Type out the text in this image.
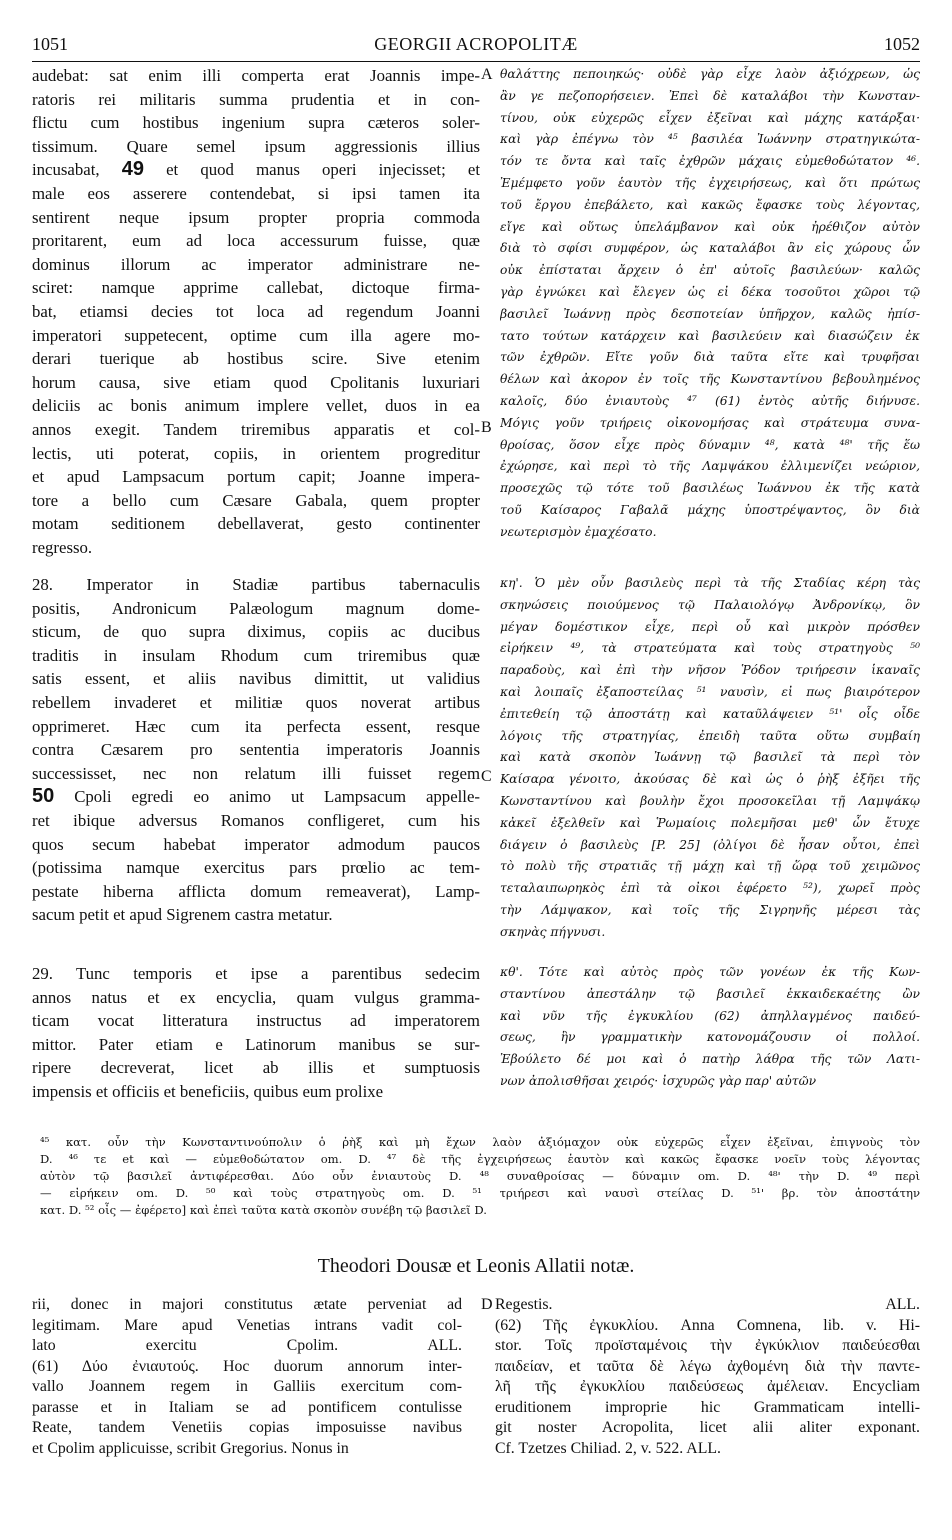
1051	GEORGII ACROPOLITÆ	1052
audebat: sat enim illi comperta erat Joannis impe-
ratoris rei militaris summa prudentia et in con-
flictu cum hostibus ingenium supra cæteros soler-
tissimum. Quare semel ipsum aggressionis illius
incusabat, 49 et quod manus operi injecisset; et
male eos asserere contendebat, si ipsi tamen ita
sentirent neque ipsum propter propria commoda
proritarent, eum ad loca accessurum fuisse, quæ
dominus illorum ac imperator administrare ne-
sciret: namque apprime callebat, dictoque firma-
bat, etiamsi decies tot loca ad regendum Joanni
imperatori suppetecent, optime cum illa agere mo-
derari tuerique ab hostibus scire. Sive etenim
horum causa, sive etiam quod Cpolitanis luxuriari
deliciis ac bonis animum implere vellet, duos in ea
annos exegit. Tandem triremibus apparatis et col-
lectis, uti poterat, copiis, in orientem progreditur
et apud Lampsacum portum capit; Joanne impera-
tore a bello cum Cæsare Gabala, quem propter
motam seditionem debellaverat, gesto continenter
regresso.
28. Imperator in Stadiæ partibus tabernaculis
positis, Andronicum Palæologum magnum dome-
sticum, de quo supra diximus, copiis ac ducibus
traditis in insulam Rhodum cum triremibus quæ
satis essent, et aliis navibus dimittit, ut validius
rebellem invaderet et militiæ quos noverat artibus
opprimeret. Hæc cum ita perfecta essent, resque
contra Cæsarem pro sententia imperatoris Joannis
successisset, nec non relatum illi fuisset regem
50 Cpoli egredi eo animo ut Lampsacum appelle-
ret ibique adversus Romanos confligeret, cum his
quos secum habebat imperator admodum paucos
(potissima namque exercitus pars prœlio ac tem-
pestate hiberna afflicta domum remeaverat), Lamp-
sacum petit et apud Sigrenem castra metatur.
29. Tunc temporis et ipse a parentibus sedecim
annos natus et ex encyclia, quam vulgus gramma-
ticam vocat litteratura instructus ad imperatorem
mittor. Pater etiam e Latinorum manibus se sur-
ripere decreverat, licet ab illis et sumptuosis
impensis et officiis et beneficiis, quibus eum prolixe
θαλάττης πεποιηκώς· οὐδὲ γὰρ εἶχε λαὸν ἀξιόχρεων, ὡς
ἂν γε πεζοπορήσειεν. Ἐπεὶ δὲ καταλάβοι τὴν Κωνσταν-
τίνου, οὐκ εὐχερῶς εἶχεν ἐξεῖναι καὶ μάχης κατάρξαι·
καὶ γὰρ ἐπέγνω τὸν ⁴⁵ βασιλέα Ἰωάννην στρατηγικώτα-
τόν τε ὄντα καὶ ταῖς ἐχθρῶν μάχαις εὐμεθοδώτατον ⁴⁶.
Ἐμέμφετο γοῦν ἑαυτὸν τῆς ἐγχειρήσεως, καὶ ὅτι πρώτως
τοῦ ἔργου ἐπεβάλετο, καὶ κακῶς ἔφασκε τοὺς λέγοντας,
εἴγε καὶ οὕτως ὑπελάμβανον καὶ οὐκ ἠρέθιζον αὐτὸν
διὰ τὸ σφίσι συμφέρον, ὡς καταλάβοι ἂν εἰς χώρους ὧν
οὐκ ἐπίσταται ἄρχειν ὁ ἐπ' αὐτοῖς βασιλεύων· καλῶς
γὰρ ἐγνώκει καὶ ἔλεγεν ὡς εἰ δέκα τοσοῦτοι χῶροι τῷ
βασιλεῖ Ἰωάννῃ πρὸς δεσποτείαν ὑπῆρχον, καλῶς ἠπίσ-
τατο τούτων κατάρχειν καὶ βασιλεύειν καὶ διασώζειν ἐκ
τῶν ἐχθρῶν. Εἴτε γοῦν διὰ ταῦτα εἴτε καὶ τρυφῆσαι
θέλων καὶ ἀκορον ἐν τοῖς τῆς Κωνσταντίνου βεβουλημένος
καλοῖς, δύο ἐνιαυτοὺς ⁴⁷ (61) ἐντὸς αὐτῆς διήνυσε.
Μόγις γοῦν τριήρεις οἰκονομήσας καὶ στράτευμα συνα-
θροίσας, ὅσον εἶχε πρὸς δύναμιν ⁴⁸, κατὰ ⁴⁸' τῆς ἕω
ἐχώρησε, καὶ περὶ τὸ τῆς Λαμψάκου ἐλλιμενίζει νεώριον,
προσεχῶς τῷ τότε τοῦ βασιλέως Ἰωάννου ἐκ τῆς κατὰ
τοῦ Καίσαρος Γαβαλᾶ μάχης ὑποστρέψαντος, ὃν διὰ
νεωτερισμὸν ἐμαχέσατο.
κη'. Ὁ μὲν οὖν βασιλεὺς περὶ τὰ τῆς Σταδίας κέρη τὰς
σκηνώσεις ποιούμενος τῷ Παλαιολόγῳ Ἀνδρονίκῳ, ὃν
μέγαν δομέστικον εἶχε, περὶ οὗ καὶ μικρὸν πρόσθεν
εἰρήκειν ⁴⁹, τὰ στρατεύματα καὶ τοὺς στρατηγοὺς ⁵⁰
παραδοὺς, καὶ ἐπὶ τὴν νῆσον Ῥόδον τριήρεσιν ἱκαναῖς
καὶ λοιπαῖς ἐξαποστείλας ⁵¹ ναυσὶν, εἰ πως βιαιρότερον
ἐπιτεθείη τῷ ἀποστάτῃ καὶ καταῦλάψειεν ⁵¹' οἷς οἶδε
λόγοις τῆς στρατηγίας, ἐπειδὴ ταῦτα οὕτω συμβαίη
καὶ κατὰ σκοπὸν Ἰωάννῃ τῷ βασιλεῖ τὰ περὶ τὸν
Καίσαρα γένοιτο, ἀκούσας δὲ καὶ ὡς ὁ ῥὴξ ἐξῆει τῆς
Κωνσταντίνου καὶ βουλὴν ἔχοι προσοκεῖλαι τῇ Λαμψάκῳ
κἀκεῖ ἐξελθεῖν καὶ Ῥωμαίοις πολεμῆσαι μεθ' ὧν ἔτυχε
διάγειν ὁ βασιλεὺς [P. 25] (ὀλίγοι δὲ ἦσαν οὗτοι, ἐπεὶ
τὸ πολὺ τῆς στρατιᾶς τῇ μάχῃ καὶ τῇ ὥρᾳ τοῦ χειμῶνος
τεταλαιπωρηκὸς ἐπὶ τὰ οἰκοι ἐφέρετο ⁵²), χωρεῖ πρὸς
τὴν Λάμψακον, καὶ τοῖς τῆς Σιγρηνῆς μέρεσι τὰς
σκηνὰς πήγνυσι.
κθ'. Τότε καὶ αὐτὸς πρὸς τῶν γονέων ἐκ τῆς Κων-
σταντίνου ἀπεστάλην τῷ βασιλεῖ ἑκκαιδεκαέτης ὢν
καὶ νῦν τῆς ἐγκυκλίου (62) ἀπηλλαγμένος παιδεύ-
σεως, ἣν γραμματικὴν κατονομάζουσιν οἱ πολλοί.
Ἐβούλετο δέ μοι καὶ ὁ πατὴρ λάθρα τῆς τῶν Λατι-
νων ἀπολισθῆσαι χειρός· ἰσχυρῶς γὰρ παρ' αὐτῶν
A
B
C
D
⁴⁵ κατ. οὖν τὴν Κωνσταντινούπολιν ὁ ῥὴξ καὶ μὴ ἔχων λαὸν ἀξιόμαχον οὐκ εὐχερῶς εἶχεν ἐξεῖναι, ἐπιγνοὺς τὸν
D. ⁴⁶ τε et καὶ — εὐμεθοδώτατον om. D. ⁴⁷ δὲ τῆς ἐγχειρήσεως ἑαυτὸν καὶ κακῶς ἔφασκε νοεῖν τοὺς λέγοντας
αὐτὸν τῷ βασιλεῖ ἀντιφέρεσθαι. Δύο οὖν ἐνιαυτοὺς D. ⁴⁸ συναθροίσας — δύναμιν om. D. ⁴⁸' τὴν D. ⁴⁹ περὶ
— εἰρήκειν om. D. ⁵⁰ καὶ τοὺς στρατηγοὺς om. D. ⁵¹ τριήρεσι καὶ ναυσὶ στείλας D. ⁵¹' βρ. τὸν ἀποστάτην
κατ. D. ⁵² οἷς — ἐφέρετο] καὶ ἐπεὶ ταῦτα κατὰ σκοπὸν συνέβη τῷ βασιλεῖ D.
Theodori Dousæ et Leonis Allatii notæ.
rii, donec in majori constitutus ætate perveniat ad
legitimam. Mare apud Venetias intrans vadit col-
lato exercitu Cpolim. ALL.
(61) Δύο ἐνιαυτούς. Hoc duorum annorum inter-
vallo Joannem regem in Galliis exercitum com-
parasse et in Italiam se ad pontificem contulisse
Reate, tandem Venetiis copias imposuisse navibus
et Cpolim applicuisse, scribit Gregorius. Nonus in
Regestis. ALL.
(62) Τῆς ἐγκυκλίου. Anna Comnena, lib. v. Hi-
stor. Τοῖς προϊσταμένοις τὴν ἐγκύκλιον παιδεύεσθαι
παιδείαν, et ταῦτα δὲ λέγω ἀχθομένη διὰ τὴν παντε-
λῆ τῆς ἐγκυκλίου παιδεύσεως ἀμέλειαν. Encycliam
eruditionem improprie hic Grammaticam intelli-
git noster Acropolita, licet alii aliter exponant.
Cf. Tzetzes Chiliad. 2, v. 522. ALL.
